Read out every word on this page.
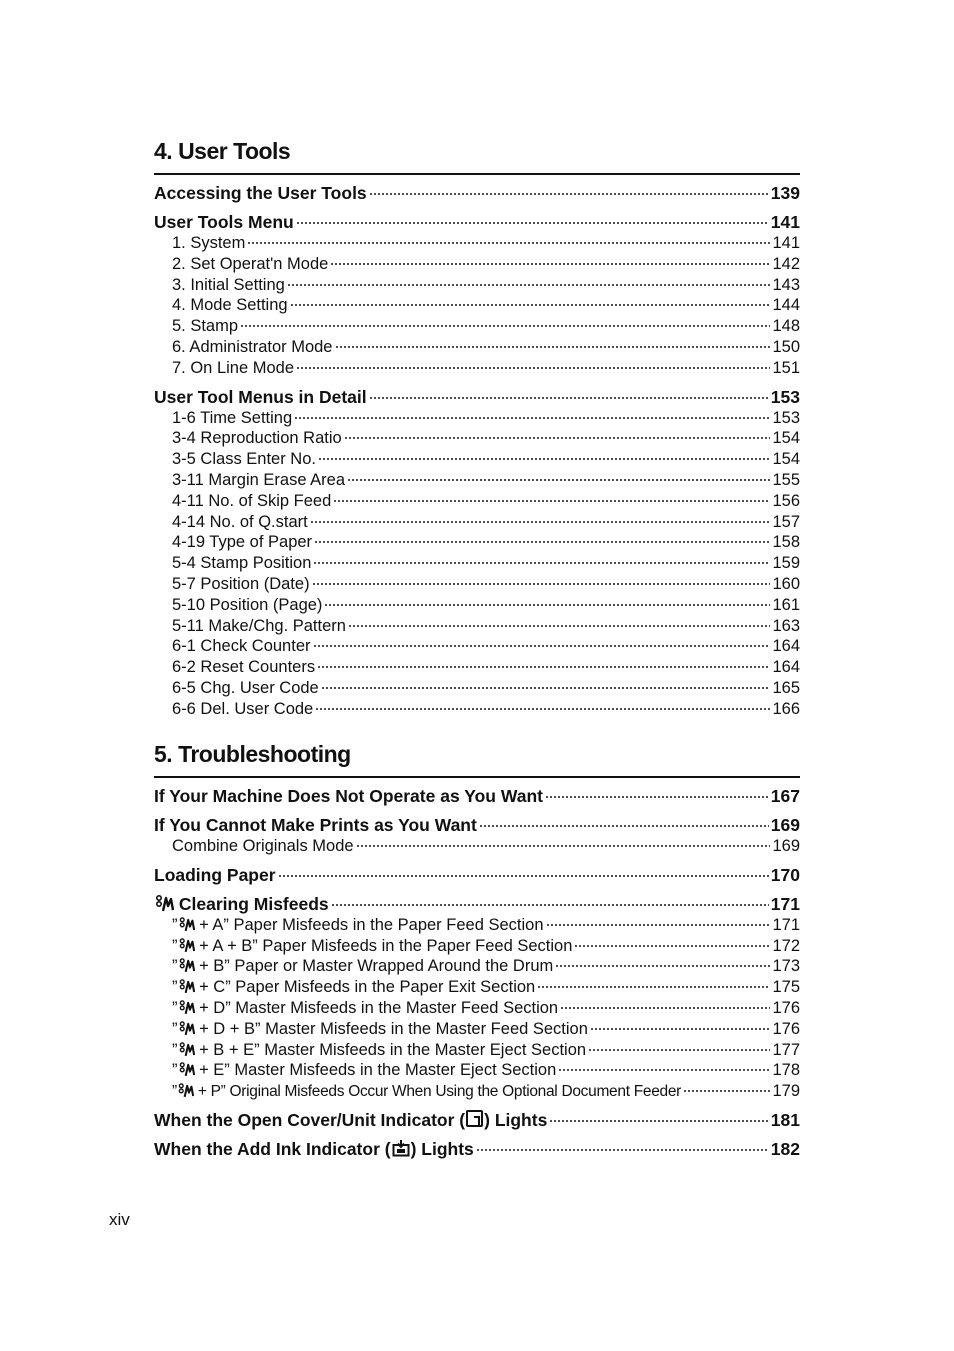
4. User Tools
Accessing the User Tools	139
User Tools Menu	141
1. System	141
2. Set Operat'n Mode	142
3. Initial Setting	143
4. Mode Setting	144
5. Stamp	148
6. Administrator Mode	150
7. On Line Mode	151
User Tool Menus in Detail	153
1-6 Time Setting	153
3-4 Reproduction Ratio	154
3-5 Class Enter No.	154
3-11 Margin Erase Area	155
4-11 No. of Skip Feed	156
4-14 No. of Q.start	157
4-19 Type of Paper	158
5-4 Stamp Position	159
5-7 Position (Date)	160
5-10 Position (Page)	161
5-11 Make/Chg. Pattern	163
6-1 Check Counter	164
6-2 Reset Counters	164
6-5 Chg. User Code	165
6-6 Del. User Code	166
5. Troubleshooting
If Your Machine Does Not Operate as You Want	167
If You Cannot Make Prints as You Want	169
Combine Originals Mode	169
Loading Paper	170
Clearing Misfeeds	171
” + A” Paper Misfeeds in the Paper Feed Section	171
” + A + B” Paper Misfeeds in the Paper Feed Section	172
” + B” Paper or Master Wrapped Around the Drum	173
” + C” Paper Misfeeds in the Paper Exit Section	175
” + D” Master Misfeeds in the Master Feed Section	176
” + D + B” Master Misfeeds in the Master Feed Section	176
” + B + E” Master Misfeeds in the Master Eject Section	177
” + E” Master Misfeeds in the Master Eject Section	178
” + P” Original Misfeeds Occur When Using the Optional Document Feeder	179
When the Open Cover/Unit Indicator ( ) Lights	181
When the Add Ink Indicator ( ) Lights	182
xiv
